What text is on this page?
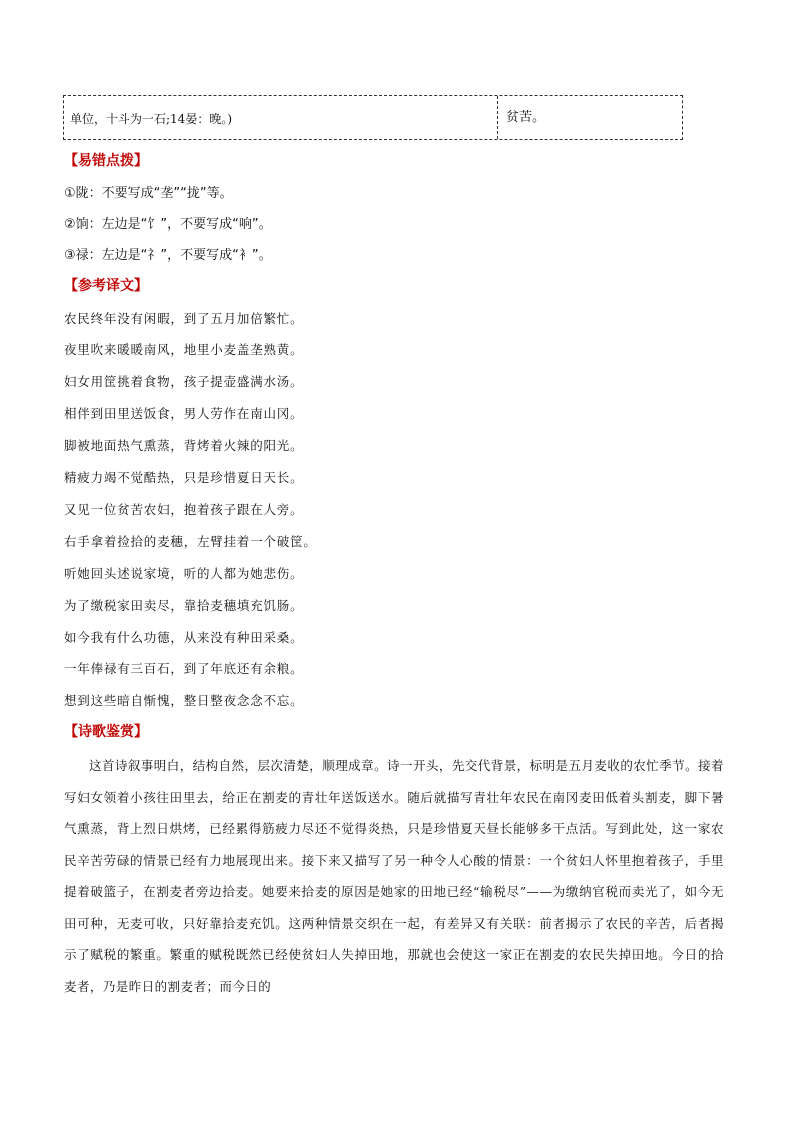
单位，十斗为一石;14晏：晚。)	贫苦。
【易错点拨】
①陇：不要写成“垄”“拢”等。
②饷：左边是“饣”，不要写成“响”。
③禄：左边是“礻”，不要写成“衤”。
【参考译文】
农民终年没有闲暇，到了五月加倍繁忙。
夜里吹来暖暖南风，地里小麦盖垄熟黄。
妇女用筐挑着食物，孩子提壶盛满水汤。
相伴到田里送饭食，男人劳作在南山冈。
脚被地面热气熏蒸，背烤着火辣的阳光。
精疲力竭不觉酷热，只是珍惜夏日天长。
又见一位贫苦农妇，抱着孩子跟在人旁。
右手拿着捡拾的麦穗，左臂挂着一个破筐。
听她回头述说家境，听的人都为她悲伤。
为了缴税家田卖尽，靠拾麦穗填充饥肠。
如今我有什么功德，从来没有种田采桑。
一年俸禄有三百石，到了年底还有余粮。
想到这些暗自惭愧，整日整夜念念不忘。
【诗歌鉴赏】
这首诗叙事明白，结构自然，层次清楚，顺理成章。诗一开头，先交代背景，标明是五月麦收的农忙季节。接着写妇女领着小孩往田里去，给正在割麦的青壮年送饭送水。随后就描写青壮年农民在南冈麦田低着头割麦，脚下暑气熏蒸，背上烈日烘烤，已经累得筋疲力尽还不觉得炎热，只是珍惜夏天昼长能够多干点活。写到此处，这一家农民辛苦劳碌的情景已经有力地展现出来。接下来又描写了另一种令人心酸的情景：一个贫妇人怀里抱着孩子，手里提着破篮子，在割麦者旁边拾麦。她要来拾麦的原因是她家的田地已经“输税尽”——为缴纳官税而卖光了，如今无田可种，无麦可收，只好靠拾麦充饥。这两种情景交织在一起，有差异又有关联：前者揭示了农民的辛苦，后者揭示了赋税的繁重。繁重的赋税既然已经使贫妇人失掉田地，那就也会使这一家正在割麦的农民失掉田地。今日的拾麦者，乃是昨日的割麦者；而今日的
